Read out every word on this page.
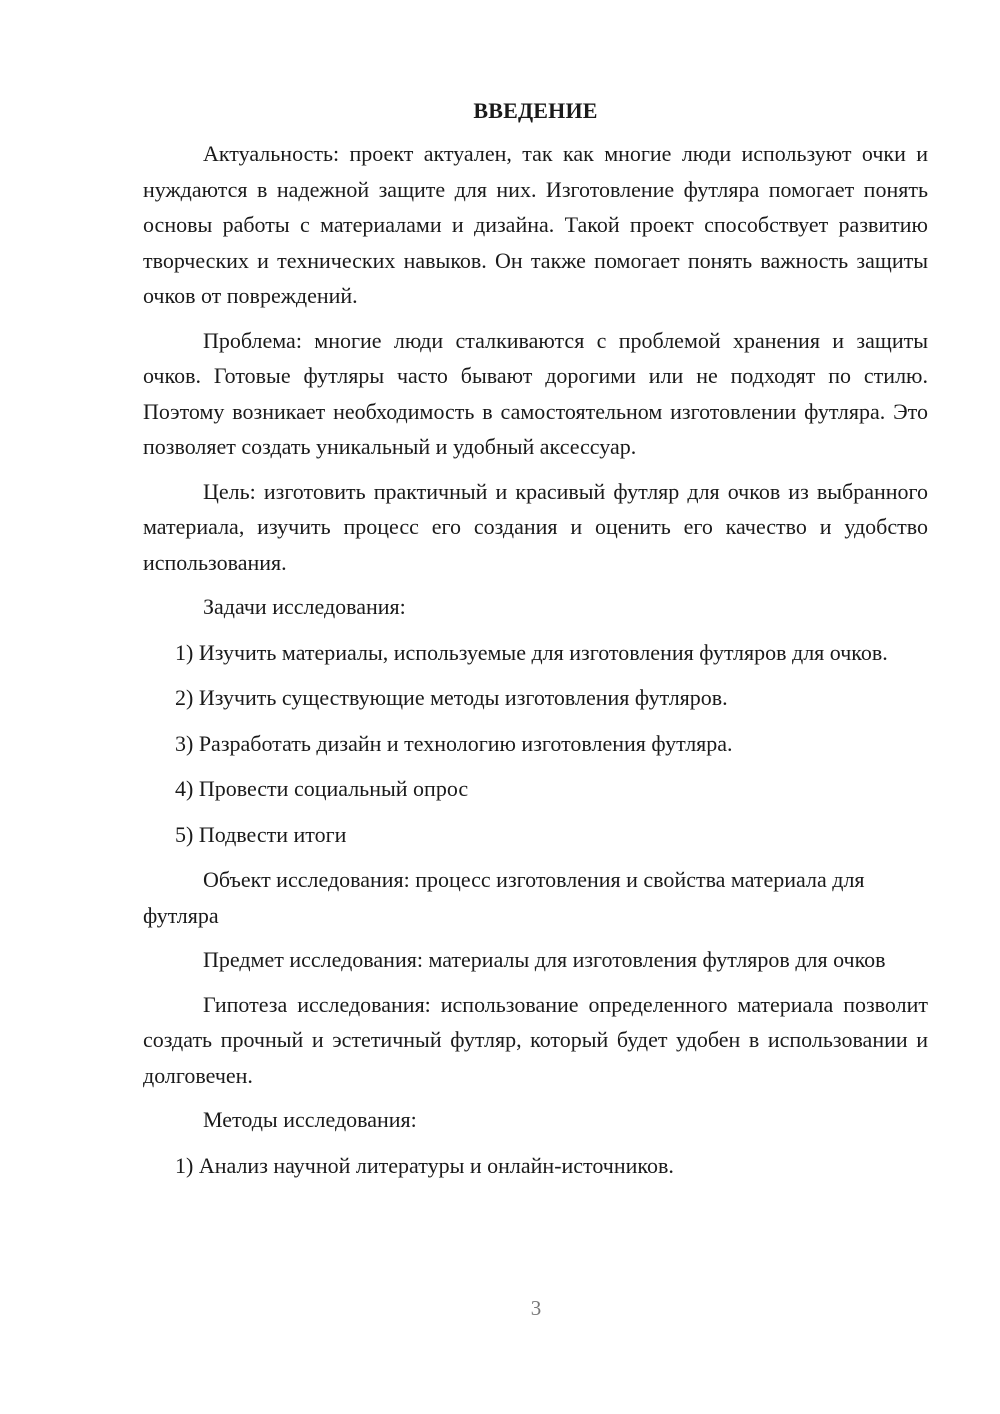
ВВЕДЕНИЕ

Актуальность: проект актуален, так как многие люди используют очки и нуждаются в надежной защите для них. Изготовление футляра помогает понять основы работы с материалами и дизайна. Такой проект способствует развитию творческих и технических навыков. Он также помогает понять важность защиты очков от повреждений.

Проблема: многие люди сталкиваются с проблемой хранения и защиты очков. Готовые футляры часто бывают дорогими или не подходят по стилю. Поэтому возникает необходимость в самостоятельном изготовлении футляра. Это позволяет создать уникальный и удобный аксессуар.

Цель: изготовить практичный и красивый футляр для очков из выбранного материала, изучить процесс его создания и оценить его качество и удобство использования.

Задачи исследования:

1) Изучить материалы, используемые для изготовления футляров для очков.

2) Изучить существующие методы изготовления футляров.

3) Разработать дизайн и технологию изготовления футляра.

4) Провести социальный опрос

5) Подвести итоги

Объект исследования: процесс изготовления и свойства материала для футляра

Предмет исследования: материалы для изготовления футляров для очков

Гипотеза исследования: использование определенного материала позволит создать прочный и эстетичный футляр, который будет удобен в использовании и долговечен.

Методы исследования:

1) Анализ научной литературы и онлайн-источников.

3
